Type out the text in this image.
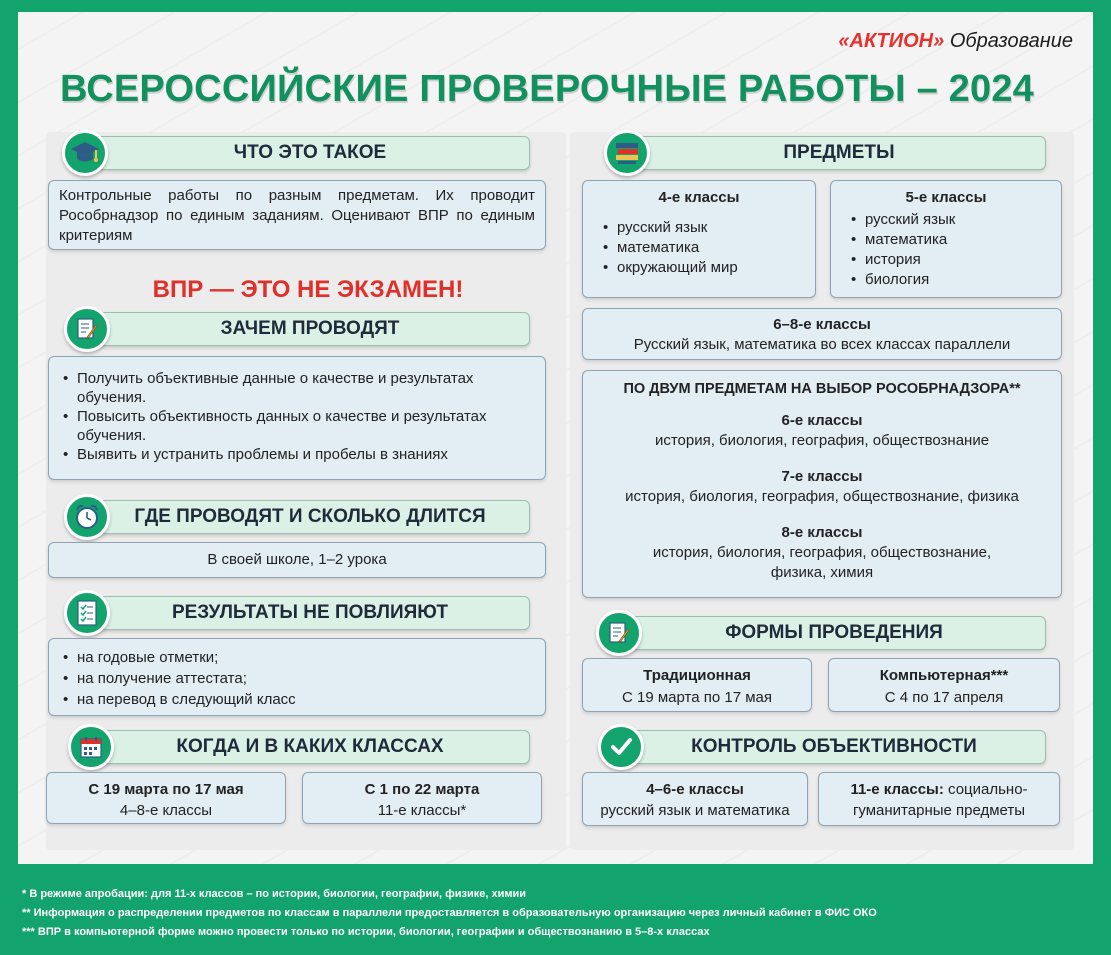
«АКТИОН» Образование
ВСЕРОССИЙСКИЕ ПРОВЕРОЧНЫЕ РАБОТЫ – 2024
ЧТО ЭТО ТАКОЕ
Контрольные работы по разным предметам. Их проводит Рособрнадзор по единым заданиям. Оценивают ВПР по единым критериям
ВПР — ЭТО НЕ ЭКЗАМЕН!
ЗАЧЕМ ПРОВОДЯТ
• Получить объективные данные о качестве и результатах обучения.
• Повысить объективность данных о качестве и результатах обучения.
• Выявить и устранить проблемы и пробелы в знаниях
ГДЕ ПРОВОДЯТ И СКОЛЬКО ДЛИТСЯ
В своей школе, 1–2 урока
РЕЗУЛЬТАТЫ НЕ ПОВЛИЯЮТ
• на годовые отметки;
• на получение аттестата;
• на перевод в следующий класс
КОГДА И В КАКИХ КЛАССАХ
С 19 марта по 17 мая
4–8-е классы
С 1 по 22 марта
11-е классы*
ПРЕДМЕТЫ
4-е классы
• русский язык
• математика
• окружающий мир
5-е классы
• русский язык
• математика
• история
• биология
6–8-е классы
Русский язык, математика во всех классах параллели
ПО ДВУМ ПРЕДМЕТАМ НА ВЫБОР РОСОБРНАДЗОРА**
6-е классы
история, биология, география, обществознание
7-е классы
история, биология, география, обществознание, физика
8-е классы
история, биология, география, обществознание,
физика, химия
ФОРМЫ ПРОВЕДЕНИЯ
Традиционная
С 19 марта по 17 мая
Компьютерная***
С 4 по 17 апреля
КОНТРОЛЬ ОБЪЕКТИВНОСТИ
4–6-е классы
русский язык и математика
11-е классы: социально-
гуманитарные предметы
* В режиме апробации: для 11-х классов – по истории, биологии, географии, физике, химии
** Информация о распределении предметов по классам в параллели предоставляется в образовательную организацию через личный кабинет в ФИС ОКО
*** ВПР в компьютерной форме можно провести только по истории, биологии, географии и обществознанию в 5–8-х классах
